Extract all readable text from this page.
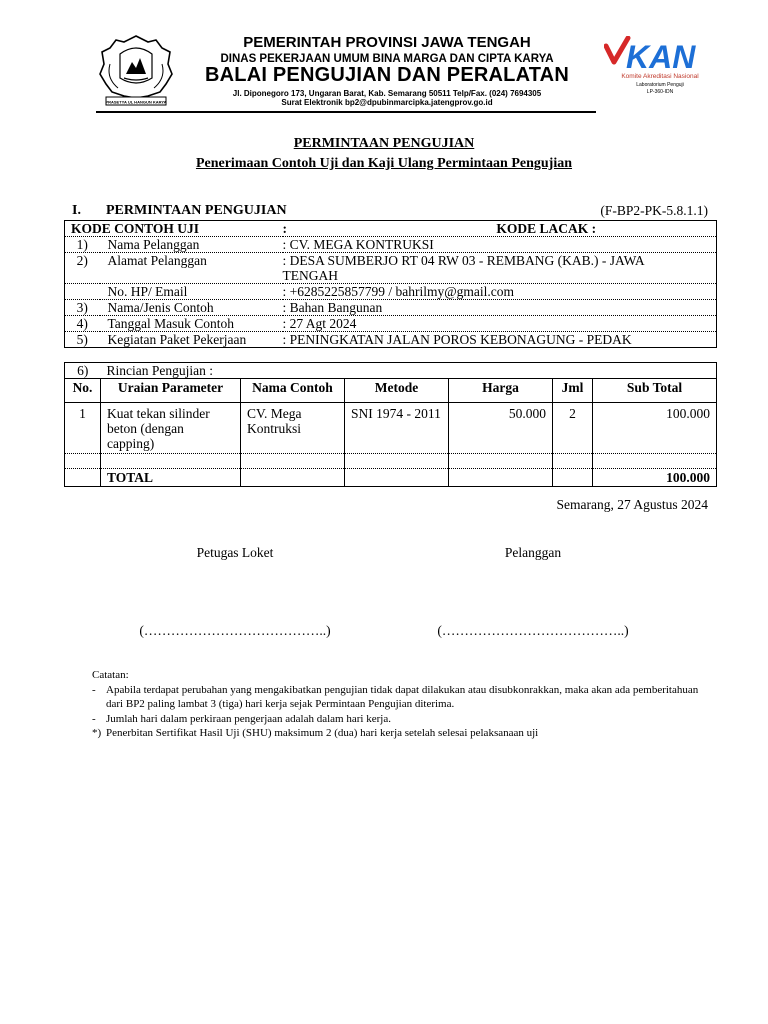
PRASETYA UL HANGUN KARYA
PEMERINTAH PROVINSI JAWA TENGAH
DINAS PEKERJAAN UMUM BINA MARGA DAN CIPTA KARYA
BALAI PENGUJIAN DAN PERALATAN
Jl. Diponegoro 173, Ungaran Barat, Kab. Semarang 50511 Telp/Fax. (024) 7694305
Surat Elektronik bp2@dpubinmarcipka.jatengprov.go.id
KAN
Komite Akreditasi Nasional
Laboratorium Penguji
LP-360-IDN
PERMINTAAN PENGUJIAN
Penerimaan Contoh Uji dan Kaji Ulang Permintaan Pengujian
I. PERMINTAAN PENGUJIAN	(F-BP2-PK-5.8.1.1)
KODE CONTOH UJI		: KODE LACAK :
1)	Nama Pelanggan	: CV. MEGA KONTRUKSI
2)	Alamat Pelanggan	: DESA SUMBERJO RT 04 RW 03 - REMBANG (KAB.) - JAWA TENGAH
	No. HP/ Email	: +6285225857799 / bahrilmy@gmail.com
3)	Nama/Jenis Contoh	: Bahan Bangunan
4)	Tanggal Masuk Contoh	: 27 Agt 2024
5)	Kegiatan Paket Pekerjaan	: PENINGKATAN JALAN POROS KEBONAGUNG - PEDAK
6)	Rincian Pengujian :					
No.	Uraian Parameter	Nama Contoh	Metode	Harga	Jml	Sub Total
1	Kuat tekan silinder beton (dengan capping)	CV. Mega Kontruksi	SNI 1974 - 2011	50.000	2	100.000

	TOTAL					100.000
Semarang, 27 Agustus 2024
Petugas Loket	Pelanggan
(…………………………………..)	(…………………………………..)
Catatan:
- Apabila terdapat perubahan yang mengakibatkan pengujian tidak dapat dilakukan atau disubkonrakkan, maka akan ada pemberitahuan dari BP2 paling lambat 3 (tiga) hari kerja sejak Permintaan Pengujian diterima.
- Jumlah hari dalam perkiraan pengerjaan adalah dalam hari kerja.
*) Penerbitan Sertifikat Hasil Uji (SHU) maksimum 2 (dua) hari kerja setelah selesai pelaksanaan uji
